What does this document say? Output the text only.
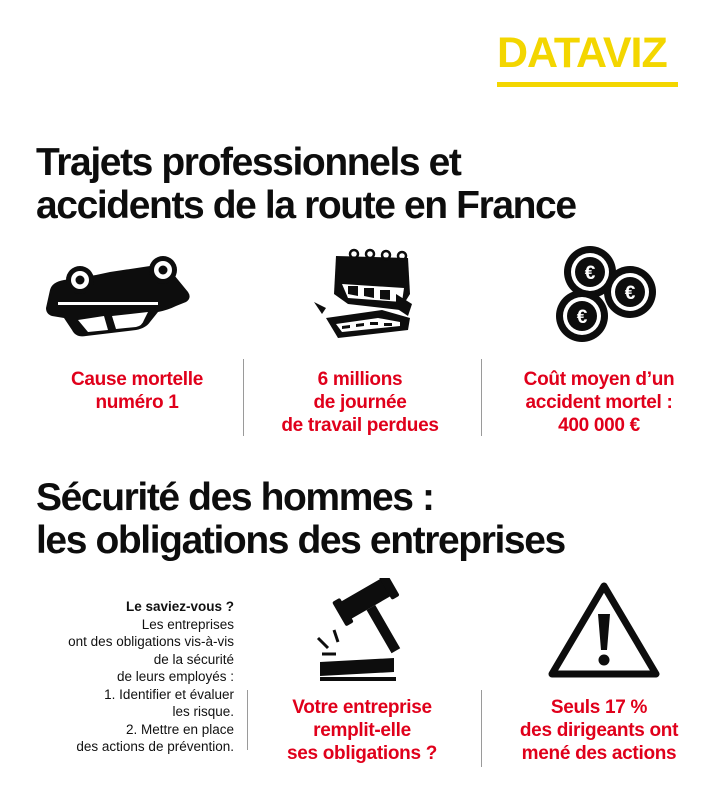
DATAVIZ
Trajets professionnels et
accidents de la route en France
€
€
€
Cause mortelle
numéro 1
6 millions
de journée
de travail perdues
Coût moyen d’un
accident mortel :
400 000 €
Sécurité des hommes :
les obligations des entreprises
Le saviez-vous ?
Les entreprises
ont des obligations vis-à-vis
de la sécurité
de leurs employés :
1. Identifier et évaluer
les risque.
2. Mettre en place
des actions de prévention.
Votre entreprise
remplit-elle
ses obligations ?
Seuls 17 %
des dirigeants ont
mené des actions
